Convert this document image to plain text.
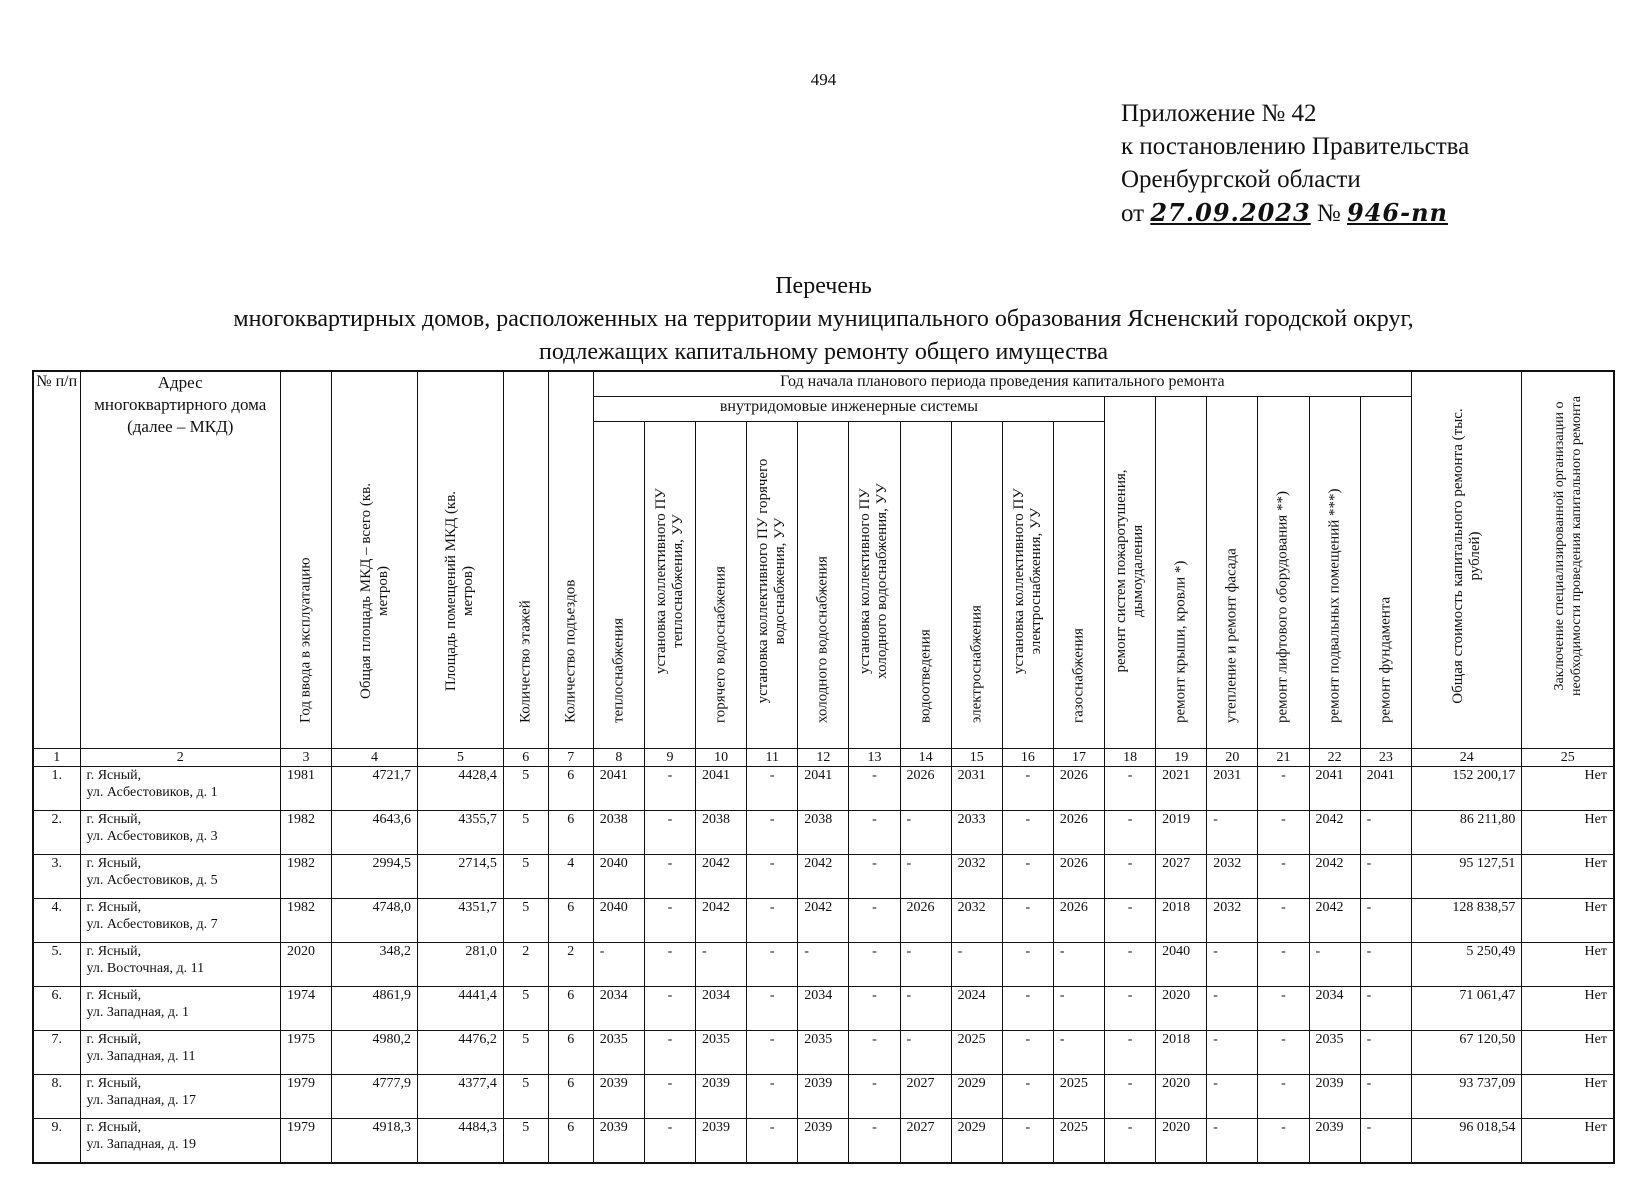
494
Приложение № 42
к постановлению Правительства
Оренбургской области
от 27.09.2023 № 946-пп
Перечень
многоквартирных домов, расположенных на территории муниципального образования Ясненский городской округ,
подлежащих капитальному ремонту общего имущества
№ п/п	Адрес многоквартирного дома (далее – МКД)	Год ввода в эксплуатацию	Общая площадь МКД – всего (кв. метров)	Площадь помещений МКД (кв. метров)	Количество этажей	Количество подъездов	Год начала планового периода проведения капитального ремонта																Общая стоимость капитального ремонта (тыс. рублей)	Заключение специализированной организации о необходимости проведения капитального ремонта

							внутридомовые инженерные системы										ремонт систем пожаротушения, дымоудаления	ремонт крыши, кровли *)	утепление и ремонт фасада	ремонт лифтового оборудования **)	ремонт подвальных помещений ***)	ремонт фундамента		

							теплоснабжения	установка коллективного ПУ теплоснабжения, УУ	горячего водоснабжения	установка коллективного ПУ горячего водоснабжения, УУ	холодного водоснабжения	установка коллективного ПУ холодного водоснабжения, УУ	водоотведения	электроснабжения	установка коллективного ПУ электроснабжения, УУ	газоснабжения								

1	2	3	4	5	6	7	8	9	10	11	12	13	14	15	16	17	18	19	20	21	22	23	24	25
1.	г. Ясный,
ул. Асбестовиков, д. 1	1981	4721,7	4428,4	5	6	2041	-	2041	-	2041	-	2026	2031	-	2026	-	2021	2031	-	2041	2041	152 200,17	Нет
2.	г. Ясный,
ул. Асбестовиков, д. 3	1982	4643,6	4355,7	5	6	2038	-	2038	-	2038	-	-	2033	-	2026	-	2019	-	-	2042	-	86 211,80	Нет
3.	г. Ясный,
ул. Асбестовиков, д. 5	1982	2994,5	2714,5	5	4	2040	-	2042	-	2042	-	-	2032	-	2026	-	2027	2032	-	2042	-	95 127,51	Нет
4.	г. Ясный,
ул. Асбестовиков, д. 7	1982	4748,0	4351,7	5	6	2040	-	2042	-	2042	-	2026	2032	-	2026	-	2018	2032	-	2042	-	128 838,57	Нет
5.	г. Ясный,
ул. Восточная, д. 11	2020	348,2	281,0	2	2	-	-	-	-	-	-	-	-	-	-	-	2040	-	-	-	-	5 250,49	Нет
6.	г. Ясный,
ул. Западная, д. 1	1974	4861,9	4441,4	5	6	2034	-	2034	-	2034	-	-	2024	-	-	-	2020	-	-	2034	-	71 061,47	Нет
7.	г. Ясный,
ул. Западная, д. 11	1975	4980,2	4476,2	5	6	2035	-	2035	-	2035	-	-	2025	-	-	-	2018	-	-	2035	-	67 120,50	Нет
8.	г. Ясный,
ул. Западная, д. 17	1979	4777,9	4377,4	5	6	2039	-	2039	-	2039	-	2027	2029	-	2025	-	2020	-	-	2039	-	93 737,09	Нет
9.	г. Ясный,
ул. Западная, д. 19	1979	4918,3	4484,3	5	6	2039	-	2039	-	2039	-	2027	2029	-	2025	-	2020	-	-	2039	-	96 018,54	Нет
